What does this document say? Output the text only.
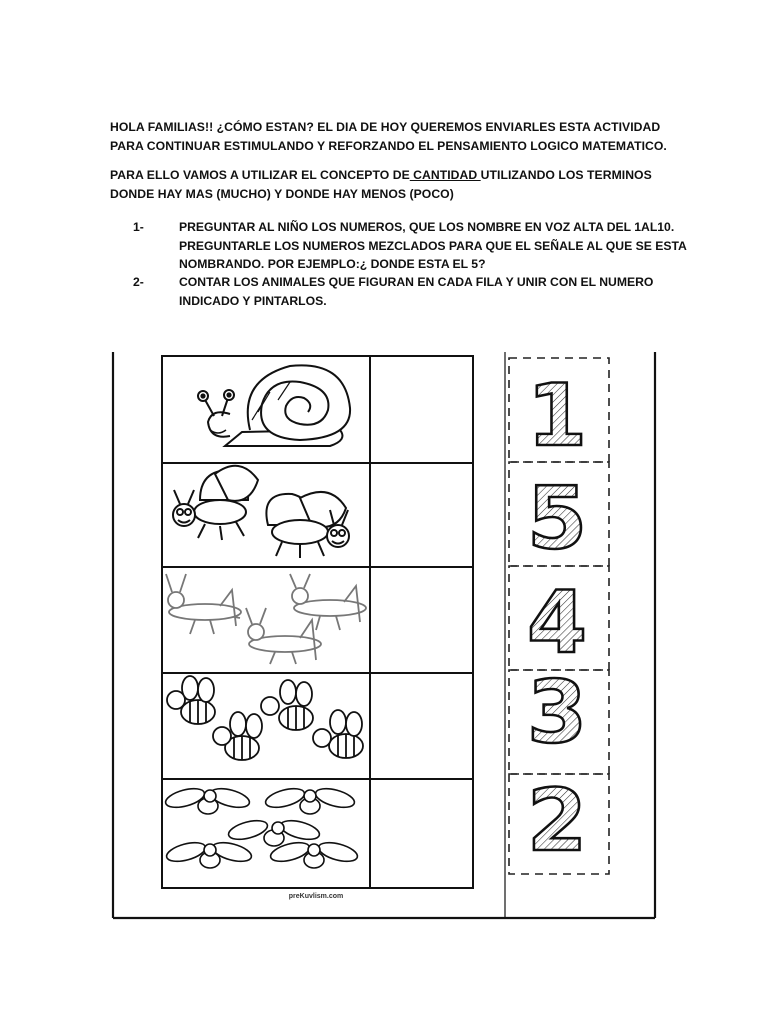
HOLA FAMILIAS!! ¿CÓMO ESTAN? EL DIA DE HOY QUEREMOS ENVIARLES ESTA ACTIVIDAD
PARA CONTINUAR ESTIMULANDO Y REFORZANDO EL PENSAMIENTO LOGICO MATEMATICO.
PARA ELLO VAMOS A UTILIZAR EL CONCEPTO DE CANTIDAD UTILIZANDO LOS TERMINOS
DONDE HAY MAS (MUCHO) Y DONDE HAY MENOS (POCO)
1-	PREGUNTAR AL NIÑO LOS NUMEROS, QUE LOS NOMBRE EN VOZ ALTA DEL 1AL10.
PREGUNTARLE LOS NUMEROS MEZCLADOS PARA QUE EL SEÑALE AL QUE SE ESTA
NOMBRANDO. POR EJEMPLO:¿ DONDE ESTA EL 5?
2-	CONTAR LOS ANIMALES QUE FIGURAN EN CADA FILA Y UNIR CON EL NUMERO
INDICADO Y PINTARLOS.
1
5
4
3
2
preKuvlism.com
